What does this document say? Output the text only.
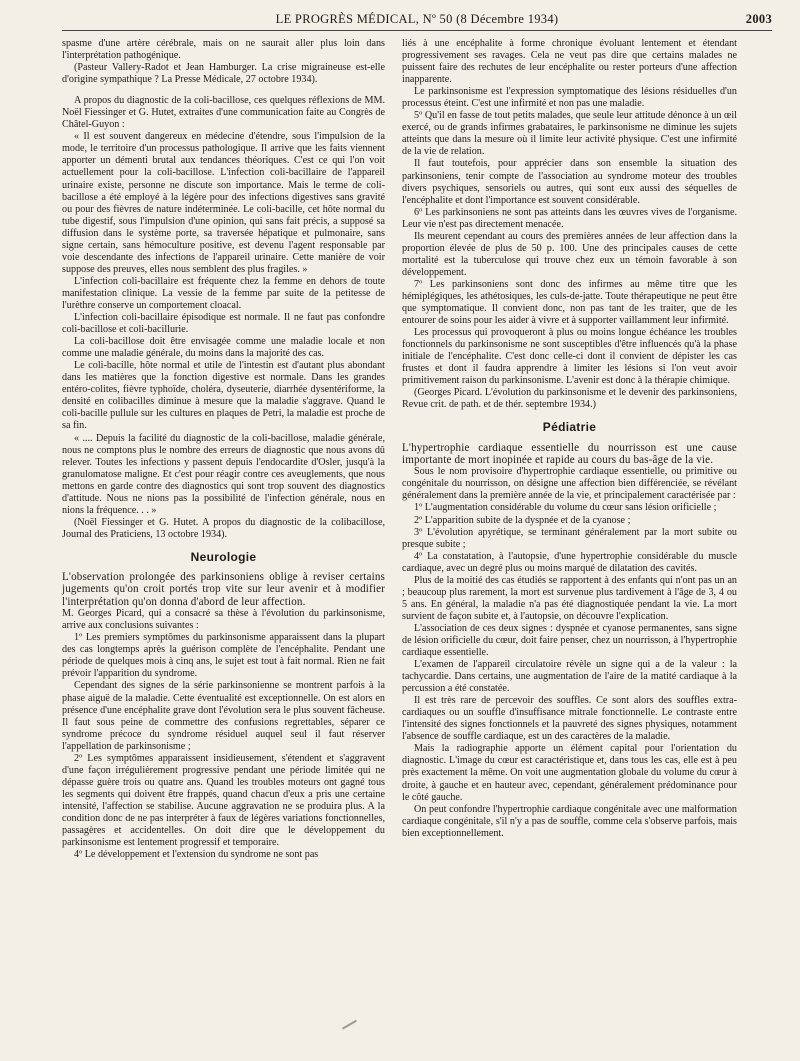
LE PROGRÈS MÉDICAL, Nº 50 (8 Décembre 1934)	2003

spasme d'une artère cérébrale, mais on ne saurait aller plus loin dans l'interprétation pathogénique.

(Pasteur Vallery-Radot et Jean Hamburger. La crise migraineuse est-elle d'origine sympathique ? La Presse Médicale, 27 octobre 1934).

A propos du diagnostic de la coli-bacillose, ces quelques réflexions de MM. Noël Fiessinger et G. Hutet, extraites d'une communication faite au Congrès de Châtel-Guyon :

« Il est souvent dangereux en médecine d'étendre, sous l'impulsion de la mode, le territoire d'un processus pathologique. Il arrive que les faits viennent apporter un démenti brutal aux tendances théoriques. C'est ce qui l'on voit actuellement pour la coli-bacillose. L'infection coli-bacillaire de l'appareil urinaire existe, personne ne discute son importance. Mais le terme de coli-bacillose a été employé à la légère pour des infections digestives sans gravité ou pour des fièvres de nature indéterminée. Le coli-bacille, cet hôte normal du tube digestif, sous l'impulsion d'une opinion, qui sans fait précis, a supposé sa diffusion dans le système porte, sa traversée hépatique et pulmonaire, sans signe certain, sans hémoculture positive, est devenu l'agent responsable par voie descendante des infections de l'appareil urinaire. Cette manière de voir suppose des preuves, elles nous semblent des plus fragiles. »

L'infection coli-bacillaire est fréquente chez la femme en dehors de toute manifestation clinique. La vessie de la femme par suite de la petitesse de l'urèthre conserve un comportement cloacal.

L'infection coli-bacillaire épisodique est normale. Il ne faut pas confondre coli-bacillose et coli-bacillurie.

La coli-bacillose doit être envisagée comme une maladie locale et non comme une maladie générale, du moins dans la majorité des cas.

Le coli-bacille, hôte normal et utile de l'intestin est d'autant plus abondant dans les matières que la fonction digestive est normale. Dans les grandes entéro-colites, fièvre typhoïde, choléra, dyseuterie, diarrhée dysentériforme, la densité en colibacilles diminue à mesure que la maladie s'aggrave. Quand le coli-bacille pullule sur les cultures en plaques de Petri, la maladie est proche de sa fin.

« .... Depuis la facilité du diagnostic de la coli-bacillose, maladie générale, nous ne comptons plus le nombre des erreurs de diagnostic que nous avons dû relever. Toutes les infections y passent depuis l'endocardite d'Osler, jusqu'à la granulomatose maligne. Et c'est pour réagir contre ces aveuglements, que nous mettons en garde contre des diagnostics qui sont trop souvent des diagnostics d'attitude. Nous ne nions pas la possibilité de l'infection générale, nous en nions la fréquence. . . »

(Noël Fiessinger et G. Hutet. A propos du diagnostic de la colibacillose, Journal des Praticiens, 13 octobre 1934).

Neurologie

L'observation prolongée des parkinsoniens oblige à reviser certains jugements qu'on croit portés trop vite sur leur avenir et à modifier l'interprétation qu'on donna d'abord de leur affection.

M. Georges Picard, qui a consacré sa thèse à l'évolution du parkinsonisme, arrive aux conclusions suivantes :

1º Les premiers symptômes du parkinsonisme apparaissent dans la plupart des cas longtemps après la guérison complète de l'encéphalite. Pendant une période de quelques mois à cinq ans, le sujet est tout à fait normal. Rien ne fait prévoir l'apparition du syndrome.

Cependant des signes de la série parkinsonienne se montrent parfois à la phase aiguë de la maladie. Cette éventualité est exceptionnelle. On est alors en présence d'une encéphalite grave dont l'évolution sera le plus souvent fâcheuse. Il faut sous peine de commettre des confusions regrettables, séparer ce syndrome précoce du syndrome résiduel auquel seul il faut réserver l'appellation de parkinsonisme ;

2º Les symptômes apparaissent insidieusement, s'étendent et s'aggravent d'une façon irrégulièrement progressive pendant une période limitée qui ne dépasse guère trois ou quatre ans. Quand les troubles moteurs ont gagné tous les segments qui doivent être frappés, quand chacun d'eux a pris une certaine intensité, l'affection se stabilise. Aucune aggravation ne se produira plus. A la condition donc de ne pas interpréter à faux de légères variations fonctionnelles, passagères et accidentelles. On doit dire que le développement du parkinsonisme est lentement progressif et temporaire.

4º Le développement et l'extension du syndrome ne sont pas

liés à une encéphalite à forme chronique évoluant lentement et étendant progressivement ses ravages. Cela ne veut pas dire que certains malades ne puissent faire des rechutes de leur encéphalite ou rester porteurs d'une affection inapparente.

Le parkinsonisme est l'expression symptomatique des lésions résiduelles d'un processus éteint. C'est une infirmité et non pas une maladie.

5º Qu'il en fasse de tout petits malades, que seule leur attitude dénonce à un œil exercé, ou de grands infirmes grabataires, le parkinsonisme ne diminue les sujets atteints que dans la mesure où il limite leur activité physique. C'est une infirmité de la vie de relation.

Il faut toutefois, pour apprécier dans son ensemble la situation des parkinsoniens, tenir compte de l'association au syndrome moteur des troubles divers psychiques, sensoriels ou autres, qui sont eux aussi des séquelles de l'encéphalite et dont l'importance est souvent considérable.

6º Les parkinsoniens ne sont pas atteints dans les œuvres vives de l'organisme. Leur vie n'est pas directement menacée.

Ils meurent cependant au cours des premières années de leur affection dans la proportion élevée de plus de 50 p. 100. Une des principales causes de cette mortalité est la tuberculose qui trouve chez eux un témoin favorable à son développement.

7º Les parkinsoniens sont donc des infirmes au même titre que les hémiplégiques, les athétosiques, les culs-de-jatte. Toute thérapeutique ne peut être que symptomatique. Il convient donc, non pas tant de les traiter, que de les entourer de soins pour les aider à vivre et à supporter vaillamment leur infirmité.

Les processus qui provoqueront à plus ou moins longue échéance les troubles fonctionnels du parkinsonisme ne sont susceptibles d'être influencés qu'à la phase initiale de l'encéphalite. C'est donc celle-ci dont il convient de dépister les cas frustes et dont il faudra apprendre à limiter les lésions si l'on veut avoir primitivement raison du parkinsonisme. L'avenir est donc à la thérapie chimique.

(Georges Picard. L'évolution du parkinsonisme et le devenir des parkinsoniens, Revue crit. de path. et de thér. septembre 1934.)

Pédiatrie

L'hypertrophie cardiaque essentielle du nourrisson est une cause importante de mort inopinée et rapide au cours du bas-âge de la vie.

Sous le nom provisoire d'hypertrophie cardiaque essentielle, ou primitive ou congénitale du nourrisson, on désigne une affection bien différenciée, se révélant généralement dans la première année de la vie, et principalement caractérisée par :

1º L'augmentation considérable du volume du cœur sans lésion orificielle ;

2º L'apparition subite de la dyspnée et de la cyanose ;

3º L'évolution apyrétique, se terminant généralement par la mort subite ou presque subite ;

4º La constatation, à l'autopsie, d'une hypertrophie considérable du muscle cardiaque, avec un degré plus ou moins marqué de dilatation des cavités.

Plus de la moitié des cas étudiés se rapportent à des enfants qui n'ont pas un an ; beaucoup plus rarement, la mort est survenue plus tardivement à l'âge de 3, 4 ou 5 ans. En général, la maladie n'a pas été diagnostiquée pendant la vie. La mort survient de façon subite et, à l'autopsie, on découvre l'explication.

L'association de ces deux signes : dyspnée et cyanose permanentes, sans signe de lésion orificielle du cœur, doit faire penser, chez un nourrisson, à l'hypertrophie cardiaque essentielle.

L'examen de l'appareil circulatoire révèle un signe qui a de la valeur : la tachycardie. Dans certains, une augmentation de l'aire de la matité cardiaque à la percussion a été constatée.

Il est très rare de percevoir des souffles. Ce sont alors des souffles extra-cardiaques ou un souffle d'insuffisance mitrale fonctionnelle. Le contraste entre l'intensité des signes fonctionnels et la pauvreté des signes physiques, notamment l'absence de souffle cardiaque, est un des caractères de la maladie.

Mais la radiographie apporte un élément capital pour l'orientation du diagnostic. L'image du cœur est caractéristique et, dans tous les cas, elle est à peu près exactement la même. On voit une augmentation globale du volume du cœur à droite, à gauche et en hauteur avec, cependant, généralement prédominance pour le côté gauche.

On peut confondre l'hypertrophie cardiaque congénitale avec une malformation cardiaque congénitale, s'il n'y a pas de souffle, comme cela s'observe parfois, mais bien exceptionnellement.
